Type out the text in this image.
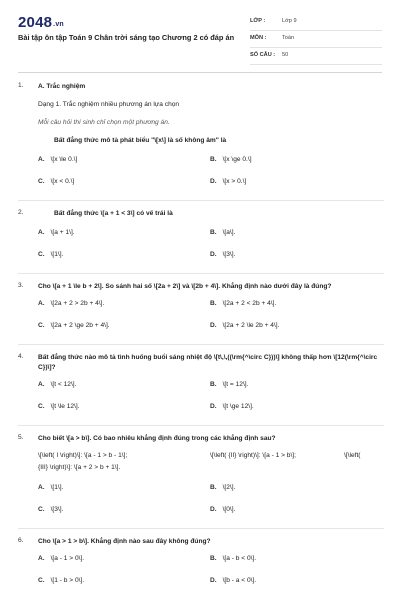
2048.vn
Bài tập ôn tập Toán 9 Chân trời sáng tạo Chương 2 có đáp án
LỚP :	Lớp 9
MÔN :	Toán
SỐ CÂU : 50
1. A. Trắc nghiệm
Dạng 1. Trắc nghiệm nhiều phương án lựa chọn
Mỗi câu hỏi thí sinh chỉ chọn một phương án.
Bất đẳng thức mô tả phát biểu "\[x\] là số không âm" là
A. \[x \le 0.\]	B. \[x \ge 0.\]
C. \[x < 0.\]	D. \[x > 0.\]
2.	Bất đẳng thức \[a + 1 < 3\] có vế trái là
A. \[a + 1\].	B. \[a\].
C. \[1\].	D. \[3\].
3. Cho \[a + 1 \le b + 2\]. So sánh hai số \[2a + 2\] và \[2b + 4\]. Khẳng định nào dưới đây là đúng?
A. \[2a + 2 > 2b + 4\].	B. \[2a + 2 < 2b + 4\].
C. \[2a + 2 \ge 2b + 4\].	D. \[2a + 2 \le 2b + 4\].
4. Bất đẳng thức nào mô tả tình huống buổi sáng nhiệt độ \[t\,\,((\rm{^\circ C}))\] không thấp hơn \[12(\rm{^\circ C})\]?
A. \[t < 12\].	B. \[t = 12\].
C. \[t \le 12\].	D. \[t \ge 12\].
5. Cho biết \[a > b\]. Có bao nhiêu khẳng định đúng trong các khẳng định sau?
\[\left( I \right)\]: \[a - 1 > b - 1\];	\[\left( {II} \right)\]: \[a - 1 > b\];	\[\left(
{III} \right)\]: \[a + 2 > b + 1\].
A. \[1\].	B. \[2\].
C. \[3\].	D. \[0\].
6. Cho \[a > 1 > b\]. Khẳng định nào sau đây không đúng?
A. \[a - 1 > 0\].	B. \[a - b < 0\].
C. \[1 - b > 0\].	D. \[b - a < 0\].
